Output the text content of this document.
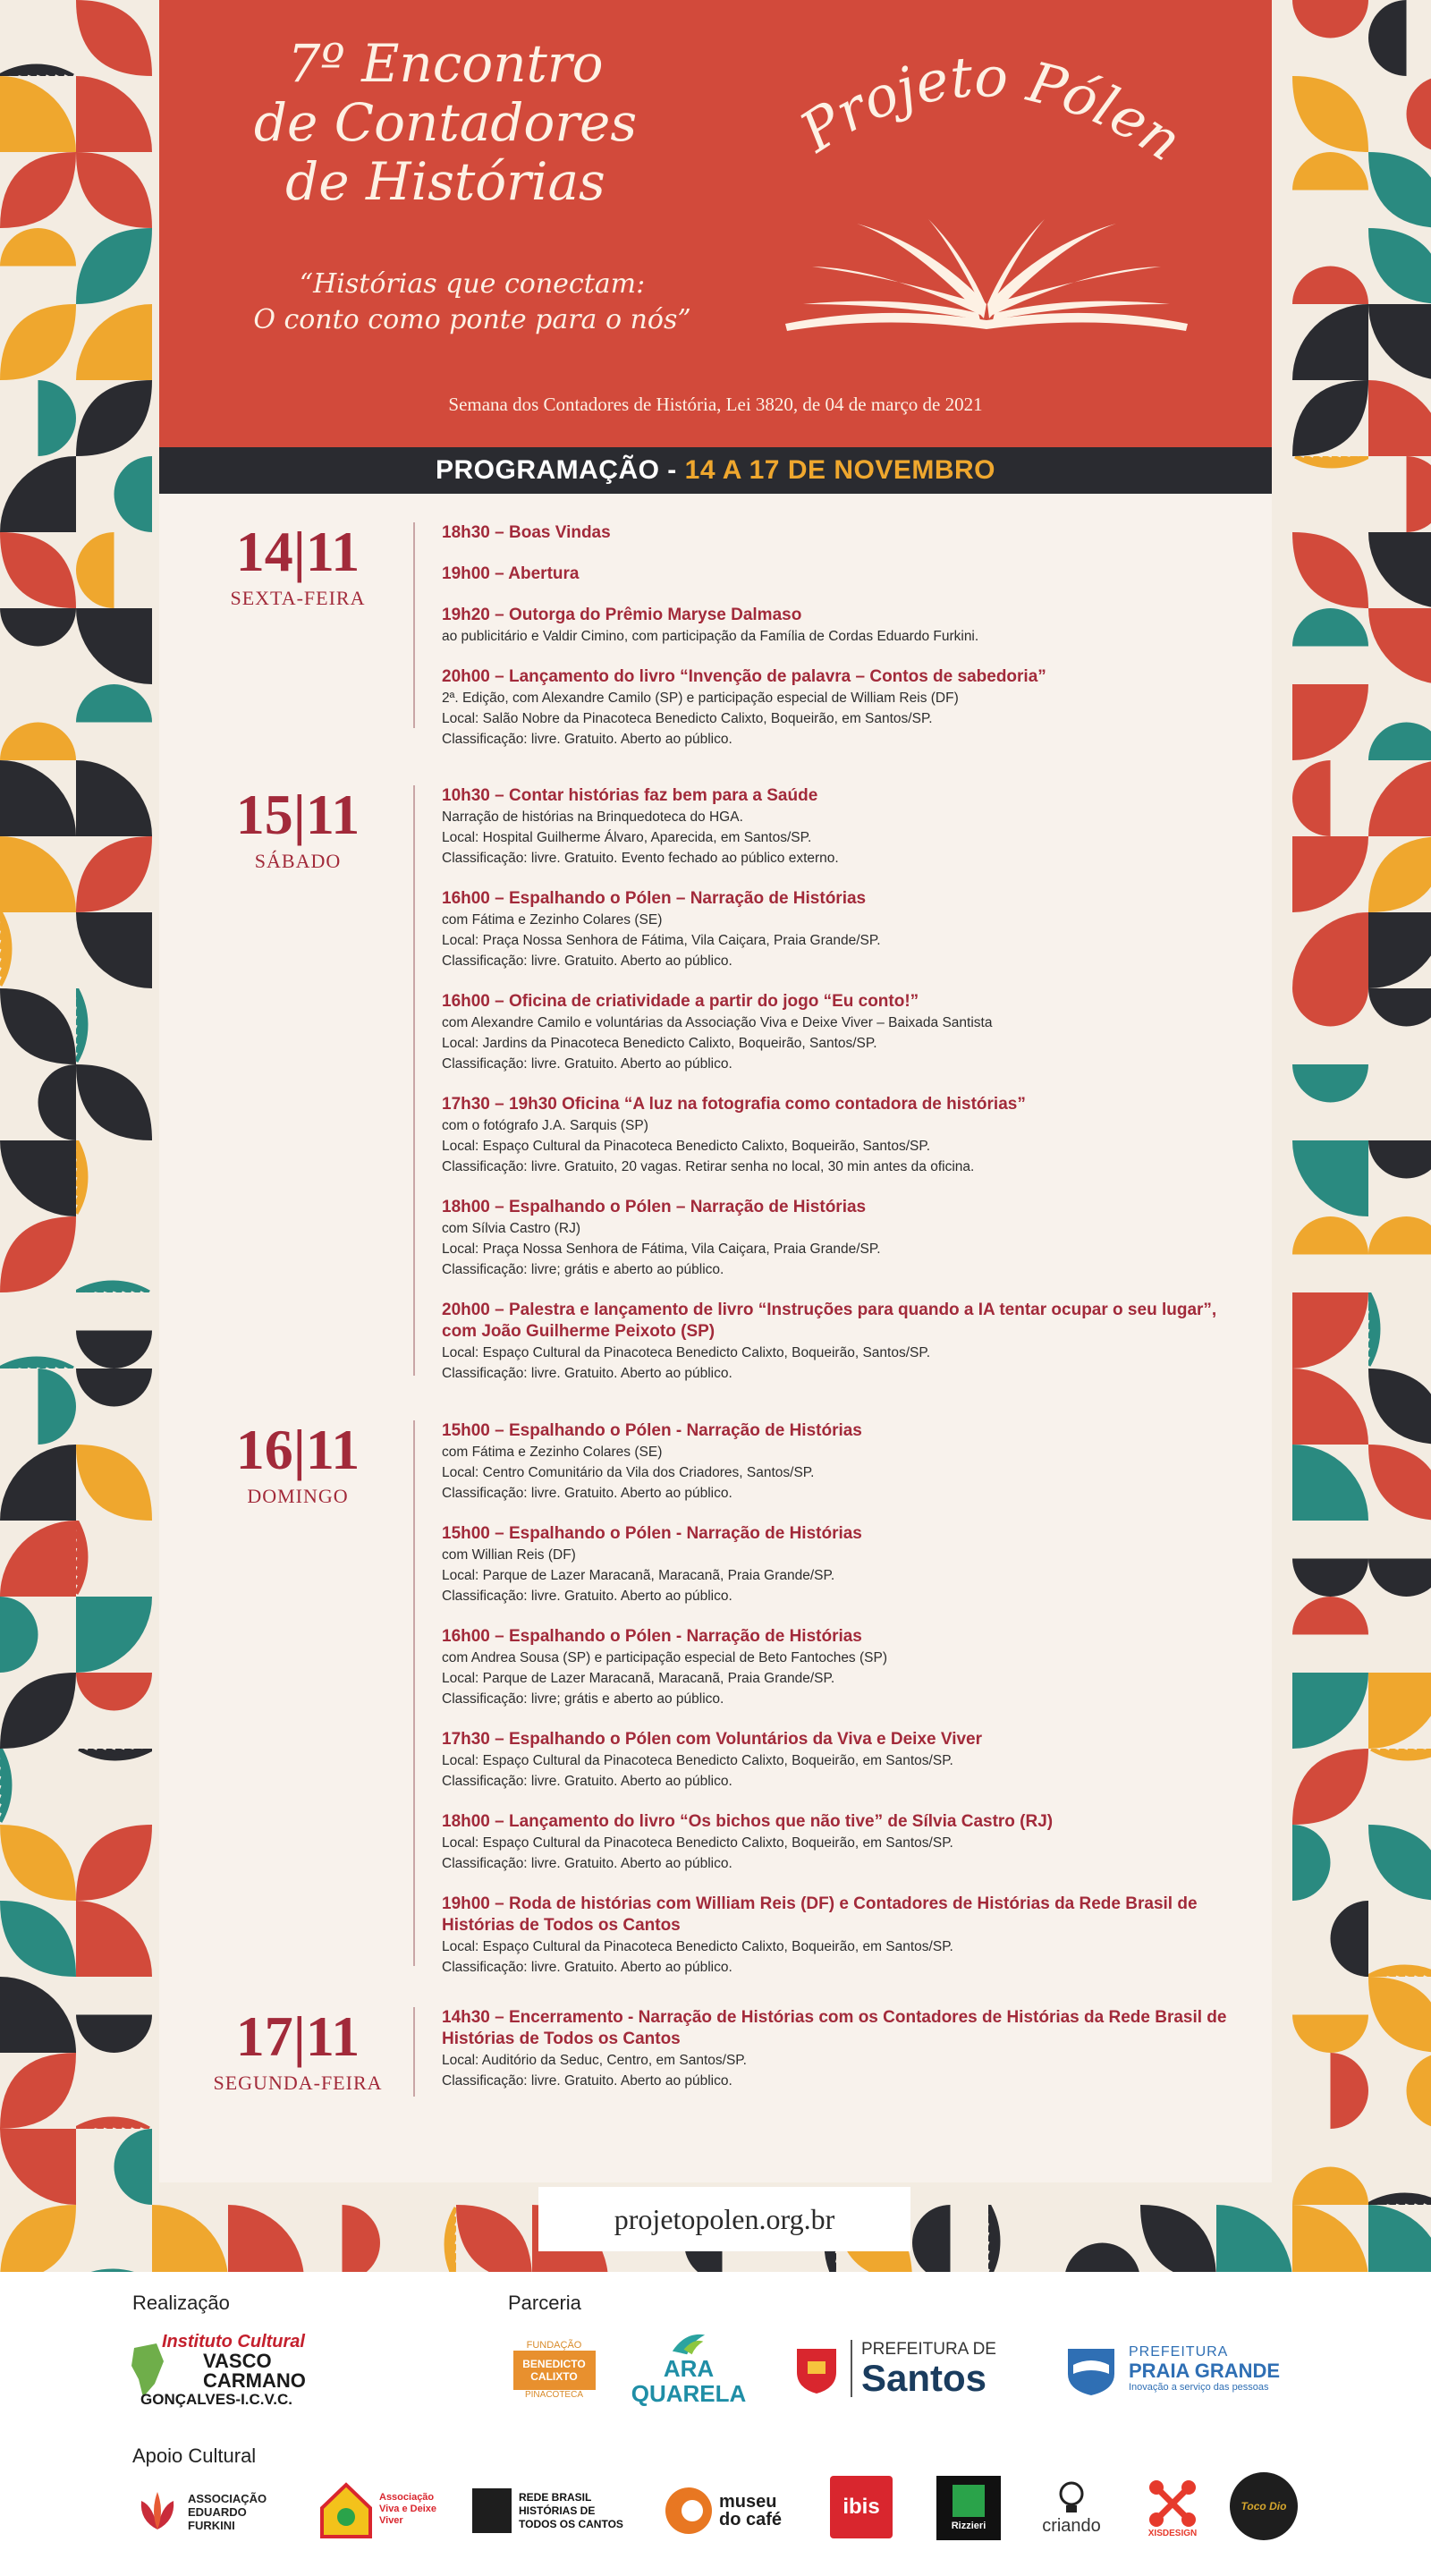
7º Encontro
de Contadores
de Histórias
“Histórias que conectam:
O conto como ponte para o nós”
Projeto Pólen
Semana dos Contadores de História, Lei 3820, de 04 de março de 2021
PROGRAMAÇÃO - 14 A 17 DE NOVEMBRO
14|11
SEXTA-FEIRA
18h30 – Boas Vindas
19h00 – Abertura
19h20 – Outorga do Prêmio Maryse Dalmaso
ao publicitário e Valdir Cimino, com participação da Família de Cordas Eduardo Furkini.
20h00 – Lançamento do livro “Invenção de palavra – Contos de sabedoria”
2ª. Edição, com Alexandre Camilo (SP) e participação especial de William Reis (DF)
Local: Salão Nobre da Pinacoteca Benedicto Calixto, Boqueirão, em Santos/SP.
Classificação: livre. Gratuito. Aberto ao público.
15|11
SÁBADO
10h30 – Contar histórias faz bem para a Saúde
Narração de histórias na Brinquedoteca do HGA.
Local: Hospital Guilherme Álvaro, Aparecida, em Santos/SP.
Classificação: livre. Gratuito. Evento fechado ao público externo.
16h00 – Espalhando o Pólen – Narração de Histórias
com Fátima e Zezinho Colares (SE)
Local: Praça Nossa Senhora de Fátima, Vila Caiçara, Praia Grande/SP.
Classificação: livre. Gratuito. Aberto ao público.
16h00 – Oficina de criatividade a partir do jogo “Eu conto!”
com Alexandre Camilo e voluntárias da Associação Viva e Deixe Viver – Baixada Santista
Local: Jardins da Pinacoteca Benedicto Calixto, Boqueirão, Santos/SP.
Classificação: livre. Gratuito. Aberto ao público.
17h30 – 19h30 Oficina “A luz na fotografia como contadora de histórias”
com o fotógrafo J.A. Sarquis (SP)
Local: Espaço Cultural da Pinacoteca Benedicto Calixto, Boqueirão, Santos/SP.
Classificação: livre. Gratuito, 20 vagas. Retirar senha no local, 30 min antes da oficina.
18h00 – Espalhando o Pólen – Narração de Histórias
com Sílvia Castro (RJ)
Local: Praça Nossa Senhora de Fátima, Vila Caiçara, Praia Grande/SP.
Classificação: livre; grátis e aberto ao público.
20h00 – Palestra e lançamento de livro “Instruções para quando a IA tentar ocupar o seu lugar”, com João Guilherme Peixoto (SP)
Local: Espaço Cultural da Pinacoteca Benedicto Calixto, Boqueirão, Santos/SP.
Classificação: livre. Gratuito. Aberto ao público.
16|11
DOMINGO
15h00 – Espalhando o Pólen - Narração de Histórias
com Fátima e Zezinho Colares (SE)
Local: Centro Comunitário da Vila dos Criadores, Santos/SP.
Classificação: livre. Gratuito. Aberto ao público.
15h00 – Espalhando o Pólen - Narração de Histórias
com Willian Reis (DF)
Local: Parque de Lazer Maracanã, Maracanã, Praia Grande/SP.
Classificação: livre. Gratuito. Aberto ao público.
16h00 – Espalhando o Pólen - Narração de Histórias
com Andrea Sousa (SP) e participação especial de Beto Fantoches (SP)
Local: Parque de Lazer Maracanã, Maracanã, Praia Grande/SP.
Classificação: livre; grátis e aberto ao público.
17h30 – Espalhando o Pólen com Voluntários da Viva e Deixe Viver
Local: Espaço Cultural da Pinacoteca Benedicto Calixto, Boqueirão, em Santos/SP.
Classificação: livre. Gratuito. Aberto ao público.
18h00 – Lançamento do livro “Os bichos que não tive” de Sílvia Castro (RJ)
Local: Espaço Cultural da Pinacoteca Benedicto Calixto, Boqueirão, em Santos/SP.
Classificação: livre. Gratuito. Aberto ao público.
19h00 – Roda de histórias com William Reis (DF) e Contadores de Histórias da Rede Brasil de Histórias de Todos os Cantos
Local: Espaço Cultural da Pinacoteca Benedicto Calixto, Boqueirão, em Santos/SP.
Classificação: livre. Gratuito. Aberto ao público.
17|11
SEGUNDA-FEIRA
14h30 – Encerramento - Narração de Histórias com os Contadores de Histórias da Rede Brasil de Histórias de Todos os Cantos
Local: Auditório da Seduc, Centro, em Santos/SP.
Classificação: livre. Gratuito. Aberto ao público.
projetopolen.org.br
Realização	Parceria
Apoio Cultural
Instituto Cultural
VASCO
CARMANO
GONÇALVES-I.C.V.C.
FUNDAÇÃO
BENEDICTO CALIXTO
PINACOTECA
ARA QUARELA
PREFEITURA DE
Santos
PREFEITURA
PRAIA GRANDE
Inovação a serviço das pessoas
ASSOCIAÇÃO EDUARDO FURKINI
Associação Viva e Deixe Viver
REDE BRASIL HISTÓRIAS DE TODOS OS CANTOS
museu do café
ibis
Rizzieri	criando	XISDESIGN
Toco Dio
